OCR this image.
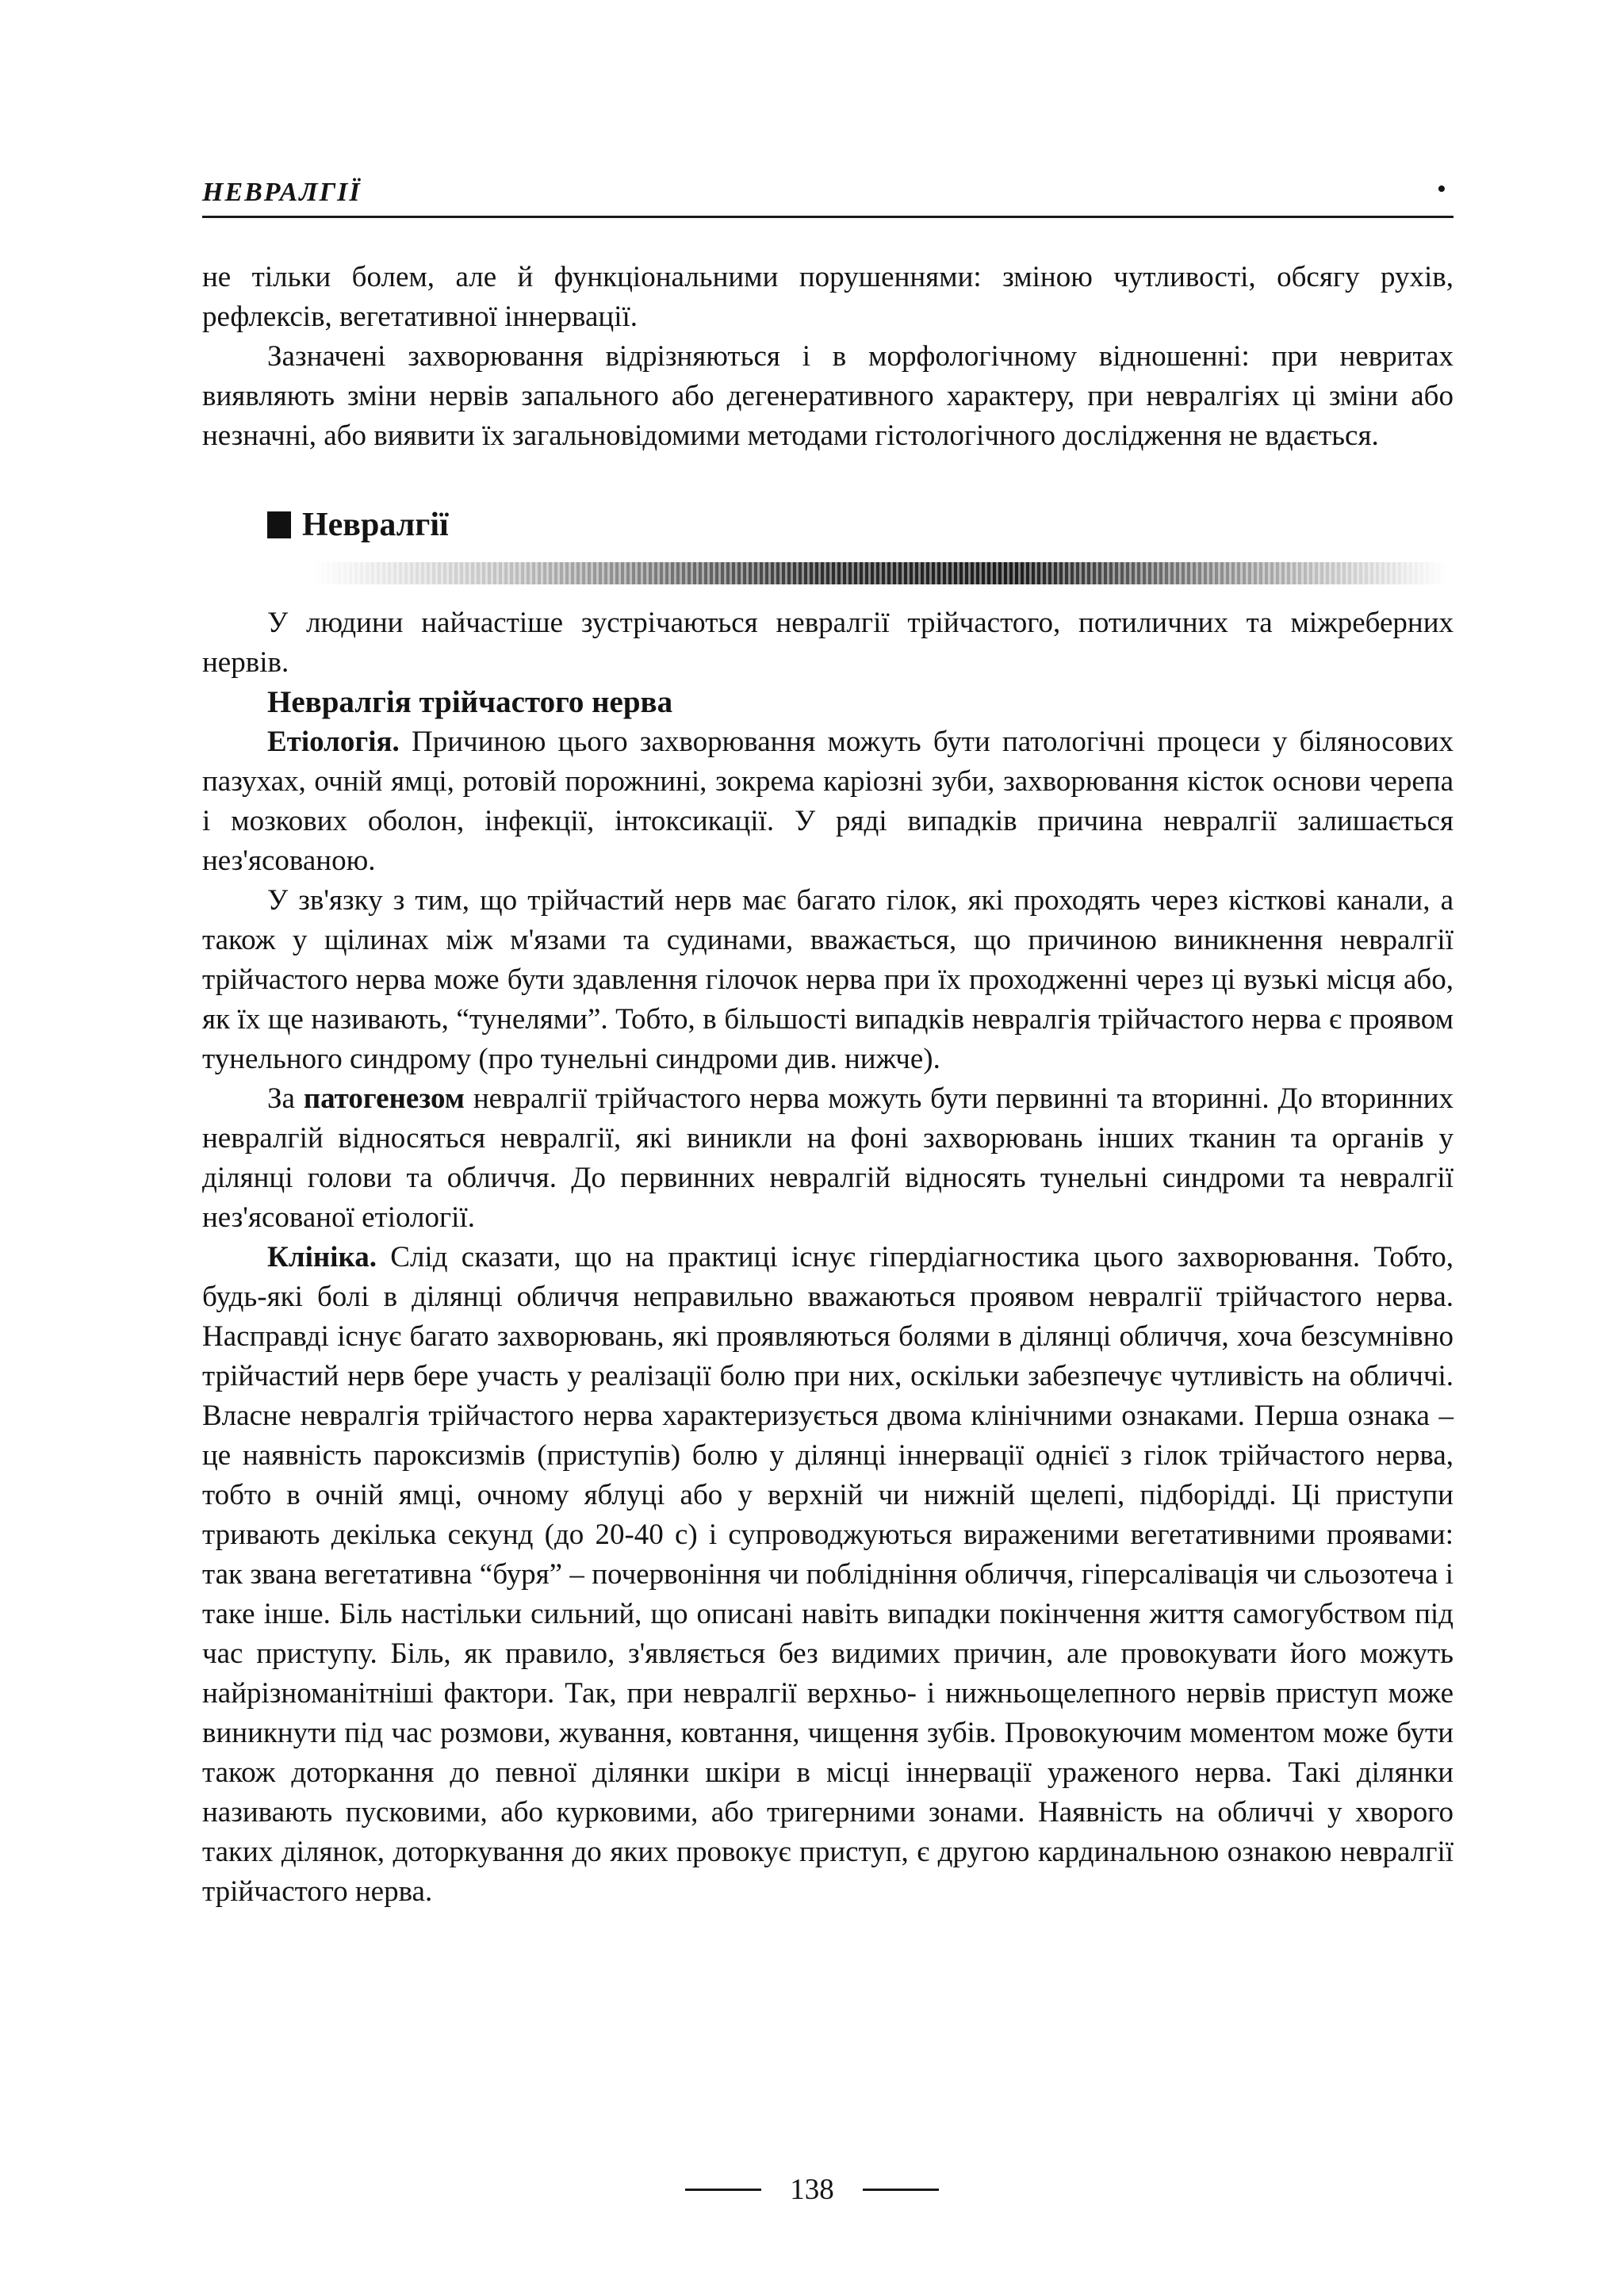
НЕВРАЛГІЇ	•

не тільки болем, але й функціональними порушеннями: зміною чутливості, обсягу рухів, рефлексів, вегетативної іннервації.

Зазначені захворювання відрізняються і в морфологічному відношенні: при невритах виявляють зміни нервів запального або дегенеративного характеру, при невралгіях ці зміни або незначні, або виявити їх загальновідомими методами гістологічного дослідження не вдається.

Невралгії

У людини найчастіше зустрічаються невралгії трійчастого, потиличних та міжреберних нервів.

Невралгія трійчастого нерва

Етіологія. Причиною цього захворювання можуть бути патологічні процеси у біляносових пазухах, очній ямці, ротовій порожнині, зокрема каріозні зуби, захворювання кісток основи черепа і мозкових оболон, інфекції, інтоксикації. У ряді випадків причина невралгії залишається нез'ясованою.

У зв'язку з тим, що трійчастий нерв має багато гілок, які проходять через кісткові канали, а також у щілинах між м'язами та судинами, вважається, що причиною виникнення невралгії трійчастого нерва може бути здавлення гілочок нерва при їх проходженні через ці вузькі місця або, як їх ще називають, “тунелями”. Тобто, в більшості випадків невралгія трійчастого нерва є проявом тунельного синдрому (про тунельні синдроми див. нижче).

За патогенезом невралгії трійчастого нерва можуть бути первинні та вторинні. До вторинних невралгій відносяться невралгії, які виникли на фоні захворювань інших тканин та органів у ділянці голови та обличчя. До первинних невралгій відносять тунельні синдроми та невралгії нез'ясованої етіології.

Клініка. Слід сказати, що на практиці існує гіпердіагностика цього захворювання. Тобто, будь-які болі в ділянці обличчя неправильно вважаються проявом невралгії трійчастого нерва. Насправді існує багато захворювань, які проявляються болями в ділянці обличчя, хоча безсумнівно трійчастий нерв бере участь у реалізації болю при них, оскільки забезпечує чутливість на обличчі. Власне невралгія трійчастого нерва характеризується двома клінічними ознаками. Перша ознака – це наявність пароксизмів (приступів) болю у ділянці іннервації однієї з гілок трійчастого нерва, тобто в очній ямці, очному яблуці або у верхній чи нижній щелепі, підборідді. Ці приступи тривають декілька секунд (до 20-40 с) і супроводжуються вираженими вегетативними проявами: так звана вегетативна “буря” – почервоніння чи поблідніння обличчя, гіперсалівація чи сльозотеча і таке інше. Біль настільки сильний, що описані навіть випадки покінчення життя самогубством під час приступу. Біль, як правило, з'являється без видимих причин, але провокувати його можуть найрізноманітніші фактори. Так, при невралгії верхньо- і нижньощелепного нервів приступ може виникнути під час розмови, жування, ковтання, чищення зубів. Провокуючим моментом може бути також доторкання до певної ділянки шкіри в місці іннервації ураженого нерва. Такі ділянки називають пусковими, або курковими, або тригерними зонами. Наявність на обличчі у хворого таких ділянок, доторкування до яких провокує приступ, є другою кардинальною ознакою невралгії трійчастого нерва.

138
